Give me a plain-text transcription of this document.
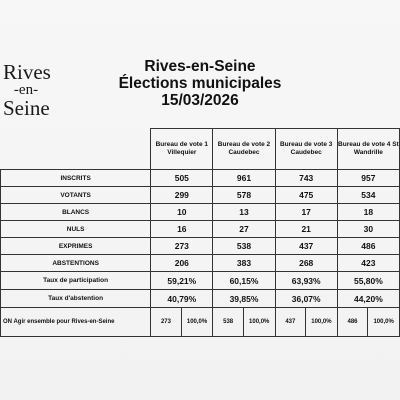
Rives
-en-
Seine
Rives-en-Seine
Élections municipales
15/03/2026
	Bureau de vote 1 Villequier		Bureau de vote 2 Caudebec		Bureau de vote 3 Caudebec		Bureau de vote 4 St Wandrille	
INSCRITS	505		961		743		957	
VOTANTS	299		578		475		534	
BLANCS	10		13		17		18	
NULS	16		27		21		30	
EXPRIMES	273		538		437		486	
ABSTENTIONS	206		383		268		423	
Taux de participation	59,21%		60,15%		63,93%		55,80%	
Taux d'abstention	40,79%		39,85%		36,07%		44,20%	
ON Agir ensemble pour Rives-en-Seine	273	100,0%	538	100,0%	437	100,0%	486	100,0%
